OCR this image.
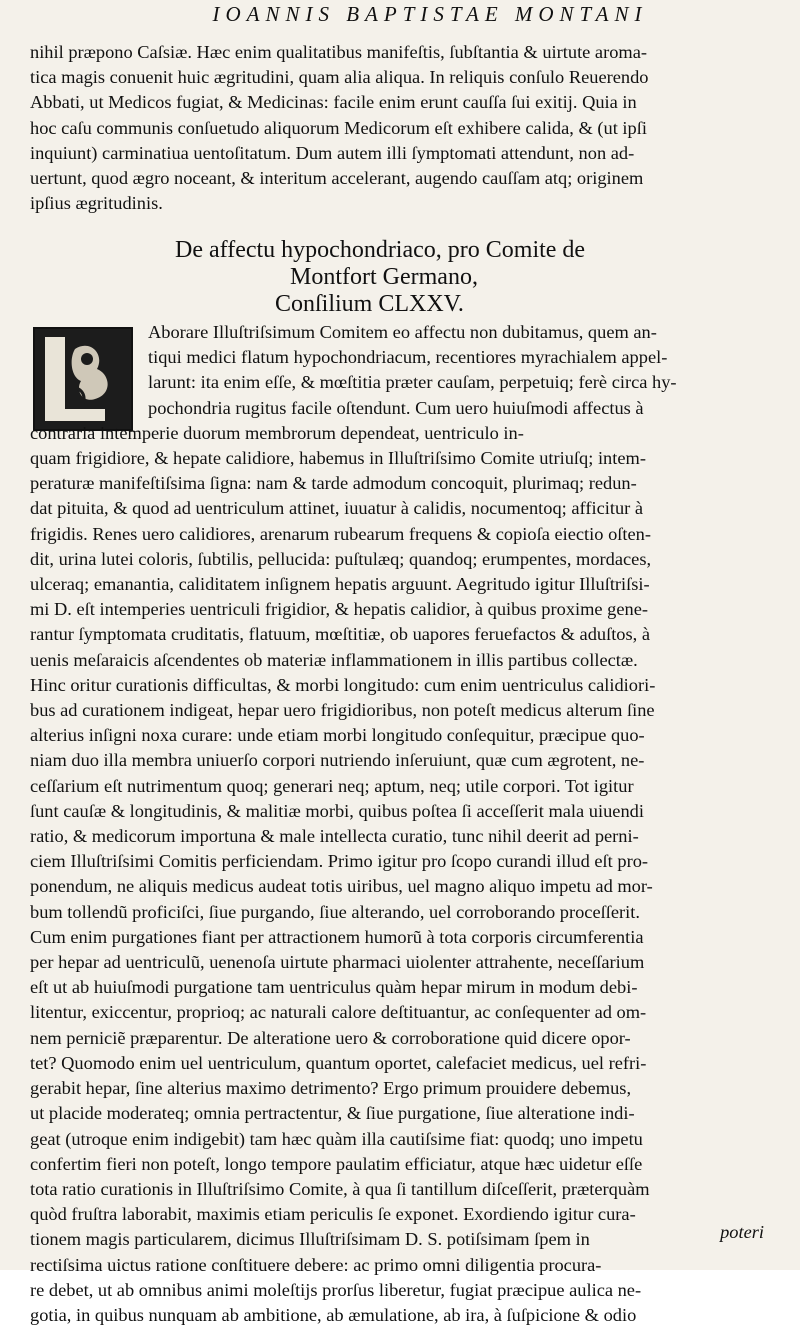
IOANNIS BAPTISTAE MONTANI
nihil præpono Caſsiæ. Hæc enim qualitatibus manifeſtis, ſubſtantia & uirtute aroma-
tica magis conuenit huic ægritudini, quam alia aliqua. In reliquis conſulo Reuerendo
Abbati, ut Medicos fugiat, & Medicinas: facile enim erunt cauſſa ſui exitij. Quia in
hoc caſu communis conſuetudo aliquorum Medicorum eſt exhibere calida, & (ut ipſi
inquiunt) carminatiua uentoſitatum. Dum autem illi ſymptomati attendunt, non ad-
uertunt, quod ægro noceant, & interitum accelerant, augendo cauſſam atq; originem
ipſius ægritudinis.
De affectu hypochondriaco, pro Comite de
Montfort Germano,
Conſilium CLXXV.
Aborare Illuſtriſsimum Comitem eo affectu non dubitamus, quem an-
tiqui medici flatum hypochondriacum, recentiores myrachialem appel-
larunt: ita enim eſſe, & mœſtitia præter cauſam, perpetuiq; ferè circa hy-
pochondria rugitus facile oſtendunt. Cum uero huiuſmodi affectus à
contraria intemperie duorum membrorum dependeat, uentriculo in-
quam frigidiore, & hepate calidiore, habemus in Illuſtriſsimo Comite utriuſq; intem-
peraturæ manifeſtiſsima ſigna: nam & tarde admodum concoquit, plurimaq; redun-
dat pituita, & quod ad uentriculum attinet, iuuatur à calidis, nocumentoq; afficitur à
frigidis. Renes uero calidiores, arenarum rubearum frequens & copioſa eiectio oſten-
dit, urina lutei coloris, ſubtilis, pellucida: puſtulæq; quandoq; erumpentes, mordaces,
ulceraq; emanantia, caliditatem inſignem hepatis arguunt. Aegritudo igitur Illuſtriſsi-
mi D. eſt intemperies uentriculi frigidior, & hepatis calidior, à quibus proxime gene-
rantur ſymptomata cruditatis, flatuum, mœſtitiæ, ob uapores feruefactos & aduſtos, à
uenis meſaraicis aſcendentes ob materiæ inflammationem in illis partibus collectæ.
Hinc oritur curationis difficultas, & morbi longitudo: cum enim uentriculus calidiori-
bus ad curationem indigeat, hepar uero frigidioribus, non poteſt medicus alterum ſine
alterius inſigni noxa curare: unde etiam morbi longitudo conſequitur, præcipue quo-
niam duo illa membra uniuerſo corpori nutriendo inſeruiunt, quæ cum ægrotent, ne-
ceſſarium eſt nutrimentum quoq; generari neq; aptum, neq; utile corpori. Tot igitur
ſunt cauſæ & longitudinis, & malitiæ morbi, quibus poſtea ſi acceſſerit mala uiuendi
ratio, & medicorum importuna & male intellecta curatio, tunc nihil deerit ad perni-
ciem Illuſtriſsimi Comitis perficiendam. Primo igitur pro ſcopo curandi illud eſt pro-
ponendum, ne aliquis medicus audeat totis uiribus, uel magno aliquo impetu ad mor-
bum tollendũ proficiſci, ſiue purgando, ſiue alterando, uel corroborando proceſſerit.
Cum enim purgationes fiant per attractionem humorũ à tota corporis circumferentia
per hepar ad uentriculũ, uenenoſa uirtute pharmaci uiolenter attrahente, neceſſarium
eſt ut ab huiuſmodi purgatione tam uentriculus quàm hepar mirum in modum debi-
litentur, exiccentur, proprioq; ac naturali calore deſtituantur, ac conſequenter ad om-
nem perniciẽ præparentur. De alteratione uero & corroboratione quid dicere opor-
tet? Quomodo enim uel uentriculum, quantum oportet, calefaciet medicus, uel refri-
gerabit hepar, ſine alterius maximo detrimento? Ergo primum prouidere debemus,
ut placide moderateq; omnia pertractentur, & ſiue purgatione, ſiue alteratione indi-
geat (utroque enim indigebit) tam hæc quàm illa cautiſsime fiat: quodq; uno impetu
confertim fieri non poteſt, longo tempore paulatim efficiatur, atque hæc uidetur eſſe
tota ratio curationis in Illuſtriſsimo Comite, à qua ſi tantillum diſceſſerit, præterquàm
quòd fruſtra laborabit, maximis etiam periculis ſe exponet. Exordiendo igitur cura-
tionem magis particularem, dicimus Illuſtriſsimam D. S. potiſsimam ſpem in
rectiſsima uictus ratione conſtituere debere: ac primo omni diligentia procura-
re debet, ut ab omnibus animi moleſtijs prorſus liberetur, fugiat præcipue aulica ne-
gotia, in quibus nunquam ab ambitione, ab æmulatione, ab ira, à ſuſpicione & odio
poteri
